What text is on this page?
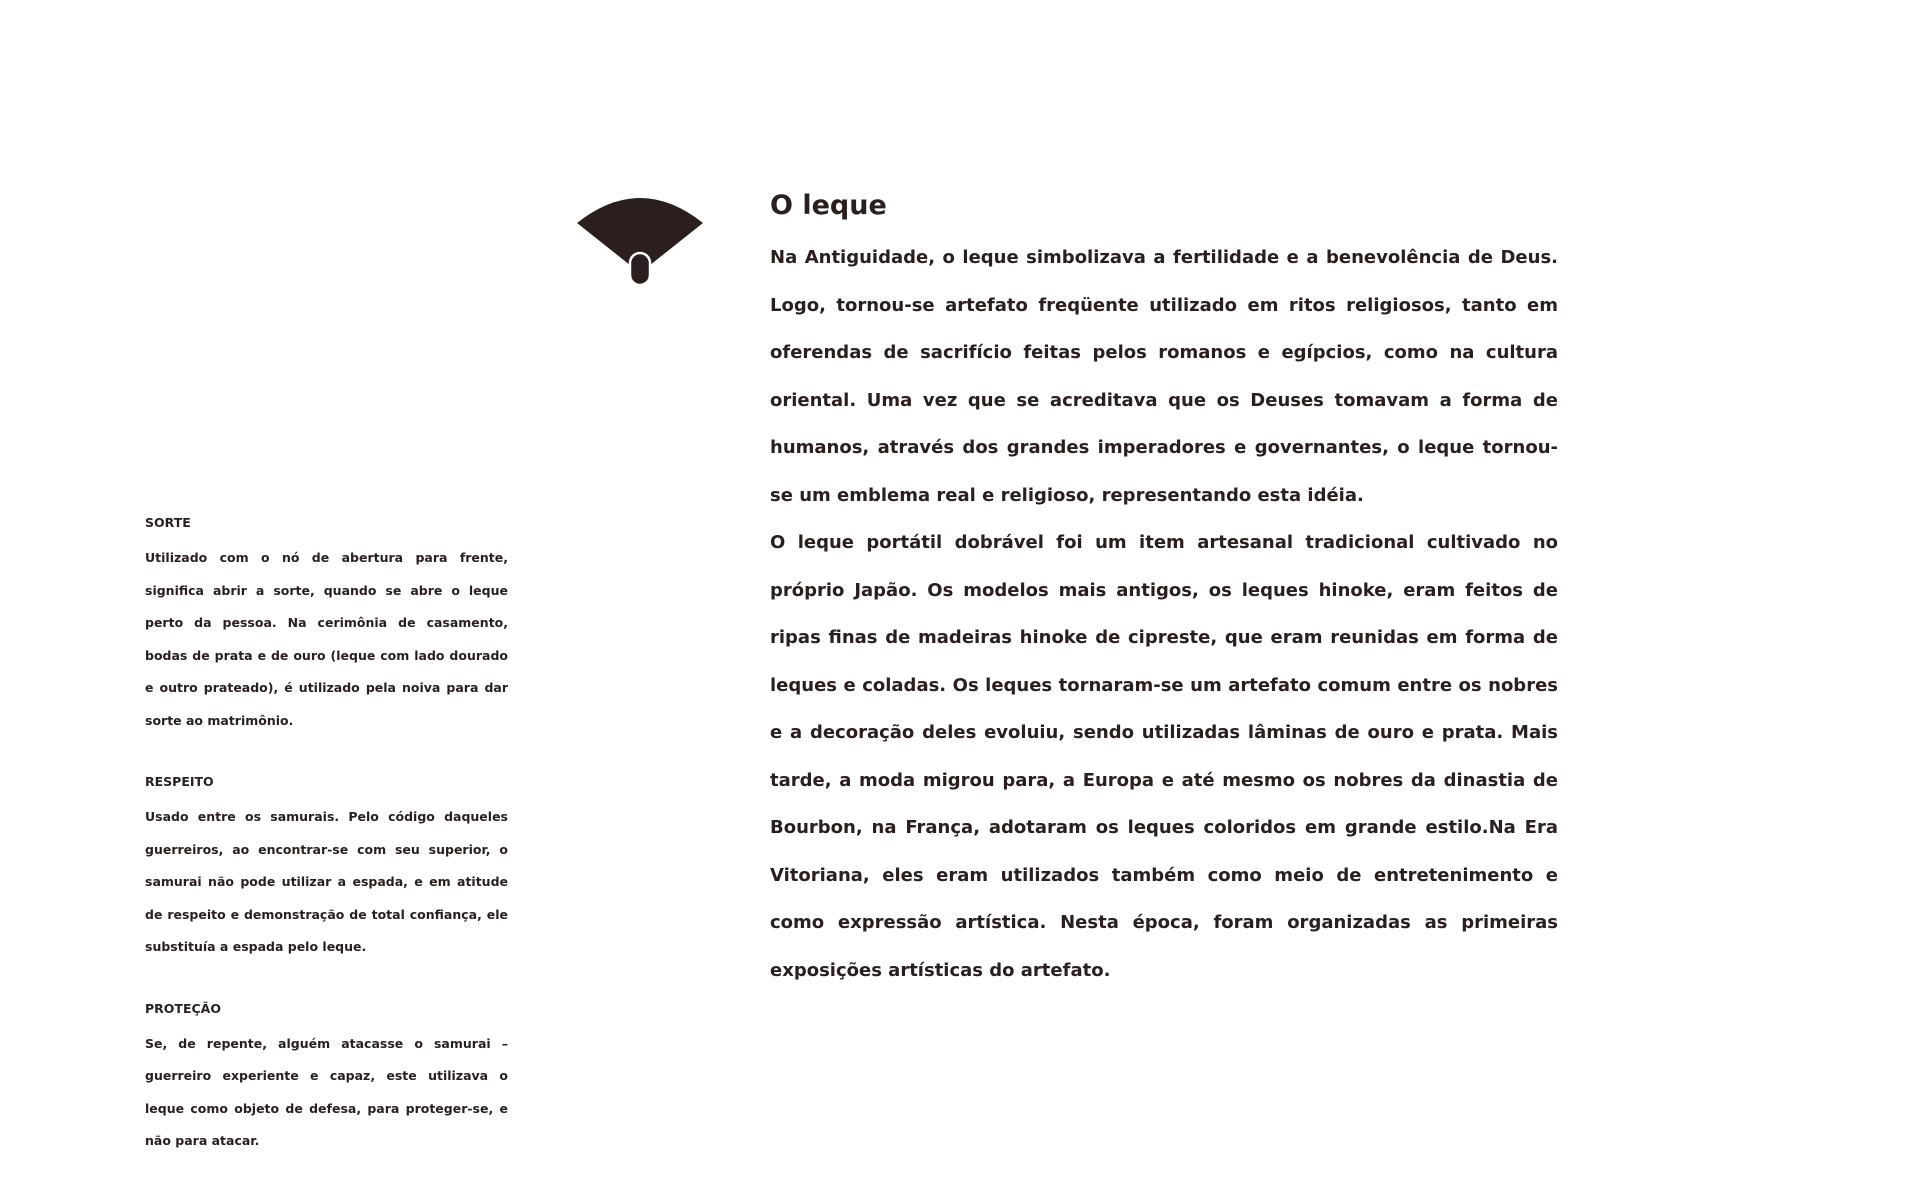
O leque

Na Antiguidade, o leque simbolizava a fertilidade e a benevolência de Deus. Logo, tornou-se artefato freqüente utilizado em ritos religiosos, tanto em oferendas de sacrifício feitas pelos romanos e egípcios, como na cultura oriental. Uma vez que se acreditava que os Deuses tomavam a forma de humanos, através dos grandes imperadores e governantes, o leque tornou-se um emblema real e religioso, representando esta idéia.

O leque portátil dobrável foi um item artesanal tradicional cultivado no próprio Japão. Os modelos mais antigos, os leques hinoke, eram feitos de ripas finas de madeiras hinoke de cipreste, que eram reunidas em forma de leques e coladas. Os leques tornaram-se um artefato comum entre os nobres e a decoração deles evoluiu, sendo utilizadas lâminas de ouro e prata. Mais tarde, a moda migrou para, a Europa e até mesmo os nobres da dinastia de Bourbon, na França, adotaram os leques coloridos em grande estilo.Na Era Vitoriana, eles eram utilizados também como meio de entretenimento e como expressão artística. Nesta época, foram organizadas as primeiras exposições artísticas do artefato.

SORTE

Utilizado com o nó de abertura para frente, significa abrir a sorte, quando se abre o leque perto da pessoa. Na cerimônia de casamento, bodas de prata e de ouro (leque com lado dourado e outro prateado), é utilizado pela noiva para dar sorte ao matrimônio.

RESPEITO

Usado entre os samurais. Pelo código daqueles guerreiros, ao encontrar-se com seu superior, o samurai não pode utilizar a espada, e em atitude de respeito e demonstração de total confiança, ele substituía a espada pelo leque.

PROTEÇÃO

Se, de repente, alguém atacasse o samurai – guerreiro experiente e capaz, este utilizava o leque como objeto de defesa, para proteger-se, e não para atacar.
